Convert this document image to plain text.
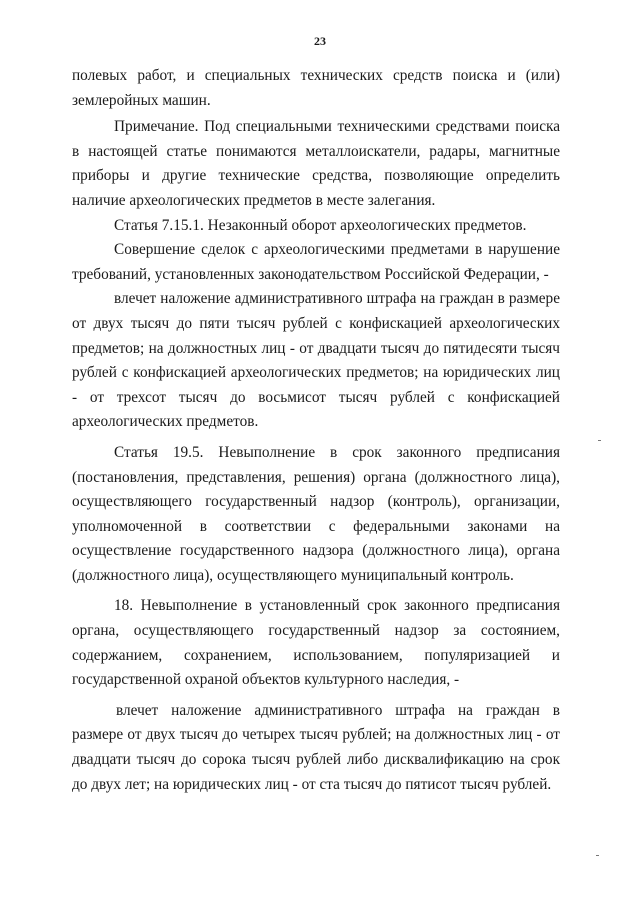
23

полевых работ, и специальных технических средств поиска и (или) землеройных машин.

Примечание. Под специальными техническими средствами поиска в настоящей статье понимаются металлоискатели, радары, магнитные приборы и другие технические средства, позволяющие определить наличие археологических предметов в месте залегания.

Статья 7.15.1. Незаконный оборот археологических предметов.

Совершение сделок с археологическими предметами в нарушение требований, установленных законодательством Российской Федерации, -

влечет наложение административного штрафа на граждан в размере от двух тысяч до пяти тысяч рублей с конфискацией археологических предметов; на должностных лиц - от двадцати тысяч до пятидесяти тысяч рублей с конфискацией археологических предметов; на юридических лиц - от трехсот тысяч до восьмисот тысяч рублей с конфискацией археологических предметов.

Статья 19.5. Невыполнение в срок законного предписания (постановления, представления, решения) органа (должностного лица), осуществляющего государственный надзор (контроль), организации, уполномоченной в соответствии с федеральными законами на осуществление государственного надзора (должностного лица), органа (должностного лица), осуществляющего муниципальный контроль.

18. Невыполнение в установленный срок законного предписания органа, осуществляющего государственный надзор за состоянием, содержанием, сохранением, использованием, популяризацией и государственной охраной объектов культурного наследия, -

влечет наложение административного штрафа на граждан в размере от двух тысяч до четырех тысяч рублей; на должностных лиц - от двадцати тысяч до сорока тысяч рублей либо дисквалификацию на срок до двух лет; на юридических лиц - от ста тысяч до пятисот тысяч рублей.
